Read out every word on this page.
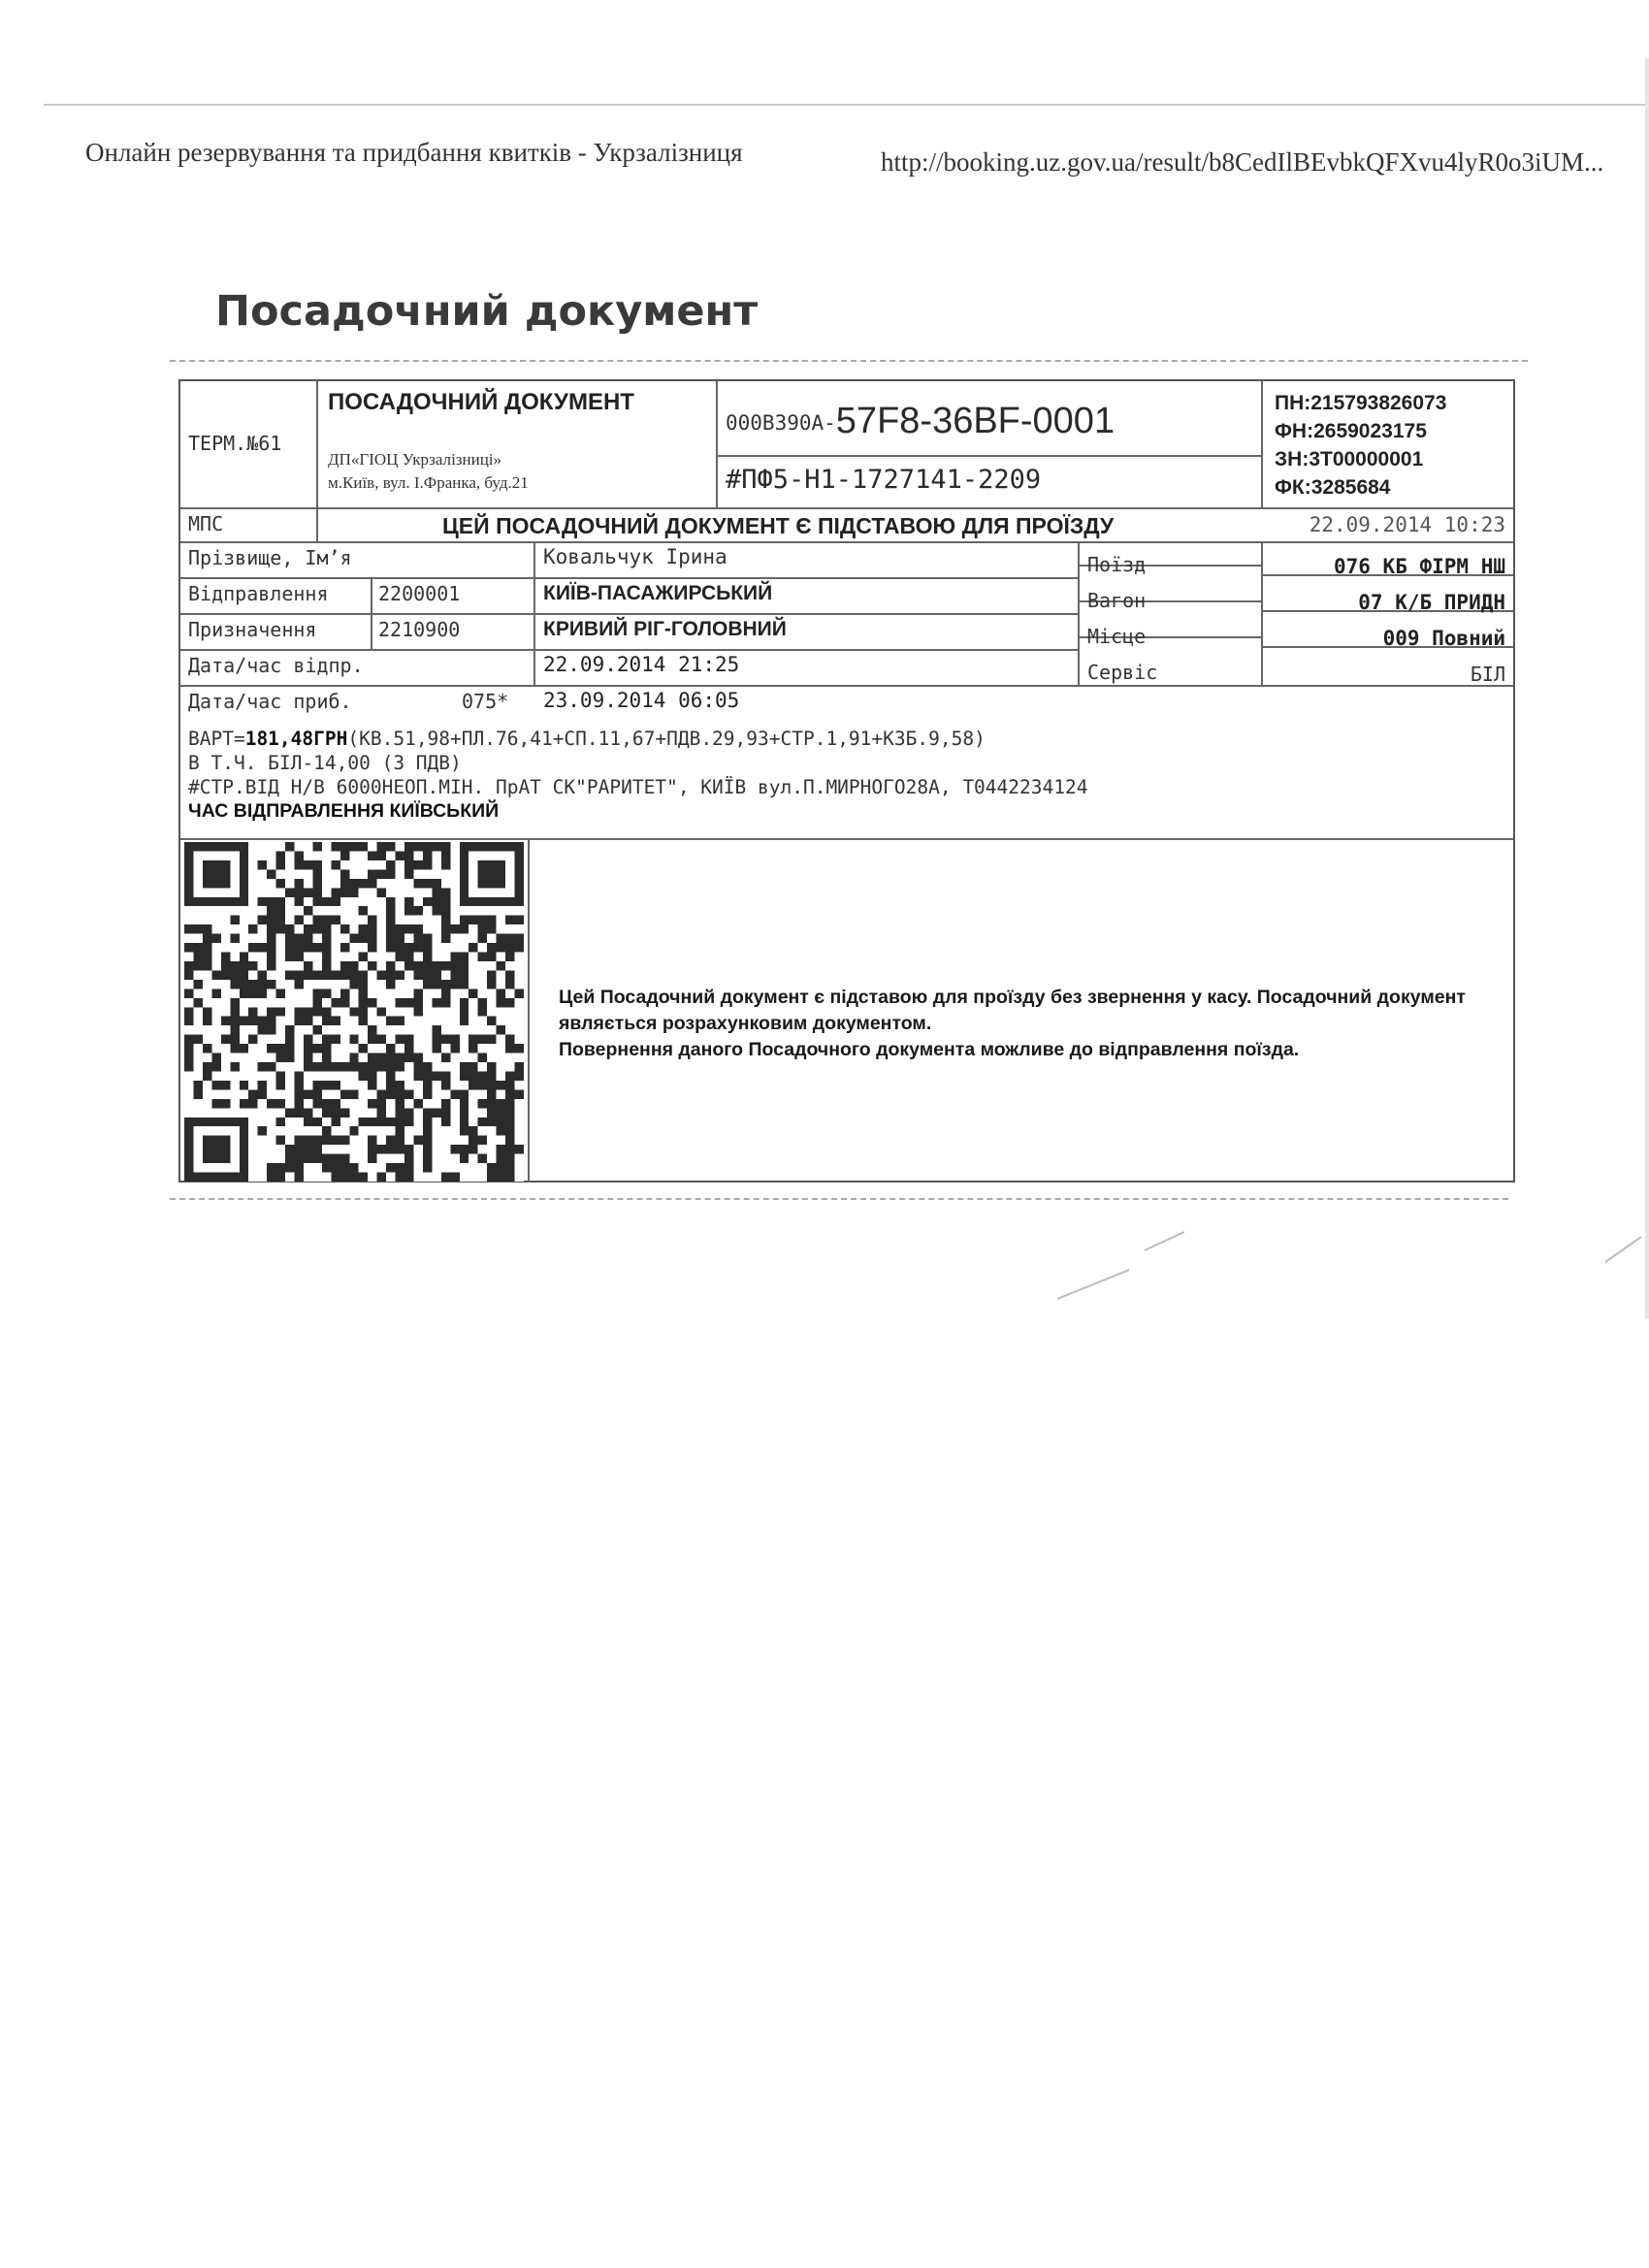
Онлайн резервування та придбання квитків - Укрзалізниця	http://booking.uz.gov.ua/result/b8CedIlBEvbkQFXvu4lyR0o3iUM...
Посадочний документ
ТЕРМ.№61
ПОСАДОЧНИЙ ДОКУМЕНТ
ДП«ГІОЦ Укрзалізниці»
м.Київ, вул. І.Франка, буд.21
000В390А-57F8-36BF-0001
#ПФ5-Н1-1727141-2209
ПН:215793826073
ФН:2659023175
ЗН:3Т00000001
ФК:3285684
МПС	ЦЕЙ ПОСАДОЧНИЙ ДОКУМЕНТ Є ПІДСТАВОЮ ДЛЯ ПРОЇЗДУ	22.09.2014 10:23
Прізвище, Ім’я	Ковальчук Ірина
Відправлення	2200001	КИЇВ-ПАСАЖИРСЬКИЙ
Призначення	2210900	КРИВИЙ РІГ-ГОЛОВНИЙ
Дата/час відпр.	22.09.2014 21:25
Дата/час приб.	075* 23.09.2014 06:05
Поїзд	076 КБ ФІРМ НШ
Вагон	07 К/Б ПРИДН
Місце	009 Повний
Сервіс	БІЛ
ВАРТ=181,48ГРН(КВ.51,98+ПЛ.76,41+СП.11,67+ПДВ.29,93+СТР.1,91+КЗБ.9,58)
В Т.Ч. БІЛ-14,00 (З ПДВ)
#СТР.ВІД Н/В 6000НЕОП.МІН. ПрАТ СК"РАРИТЕТ", КИЇВ вул.П.МИРНОГО28А, Т0442234124
ЧАС ВІДПРАВЛЕННЯ КИЇВСЬКИЙ
Цей Посадочний документ є підставою для проїзду без звернення у касу. Посадочний документ являється розрахунковим документом.
Повернення даного Посадочного документа можливе до відправлення поїзда.
